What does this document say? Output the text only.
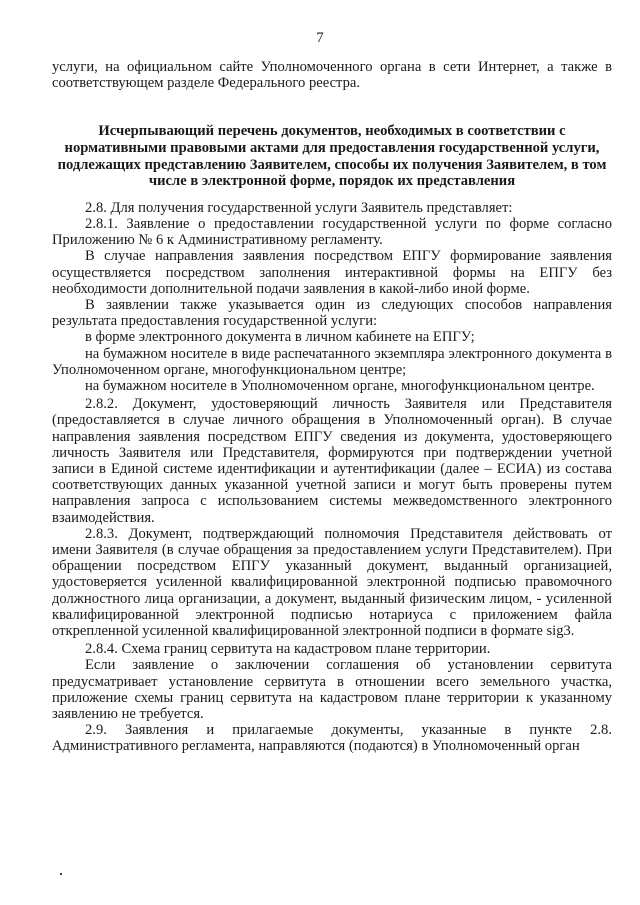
7

услуги, на официальном сайте Уполномоченного органа в сети Интернет, а также в соответствующем разделе Федерального реестра.

Исчерпывающий перечень документов, необходимых в соответствии с нормативными правовыми актами для предоставления государственной услуги, подлежащих представлению Заявителем, способы их получения Заявителем, в том числе в электронной форме, порядок их представления

2.8. Для получения государственной услуги Заявитель представляет:

2.8.1. Заявление о предоставлении государственной услуги по форме согласно Приложению № 6 к Административному регламенту.

В случае направления заявления посредством ЕПГУ формирование заявления осуществляется посредством заполнения интерактивной формы на ЕПГУ без необходимости дополнительной подачи заявления в какой-либо иной форме.

В заявлении также указывается один из следующих способов направления результата предоставления государственной услуги:

в форме электронного документа в личном кабинете на ЕПГУ;

на бумажном носителе в виде распечатанного экземпляра электронного документа в Уполномоченном органе, многофункциональном центре;

на бумажном носителе в Уполномоченном органе, многофункциональном центре.

2.8.2. Документ, удостоверяющий личность Заявителя или Представителя (предоставляется в случае личного обращения в Уполномоченный орган). В случае направления заявления посредством ЕПГУ сведения из документа, удостоверяющего личность Заявителя или Представителя, формируются при подтверждении учетной записи в Единой системе идентификации и аутентификации (далее – ЕСИА) из состава соответствующих данных указанной учетной записи и могут быть проверены путем направления запроса с использованием системы межведомственного электронного взаимодействия.

2.8.3. Документ, подтверждающий полномочия Представителя действовать от имени Заявителя (в случае обращения за предоставлением услуги Представителем). При обращении посредством ЕПГУ указанный документ, выданный организацией, удостоверяется усиленной квалифицированной электронной подписью правомочного должностного лица организации, а документ, выданный физическим лицом, - усиленной квалифицированной электронной подписью нотариуса с приложением файла открепленной усиленной квалифицированной электронной подписи в формате sig3.

2.8.4. Схема границ сервитута на кадастровом плане территории.

Если заявление о заключении соглашения об установлении сервитута предусматривает установление сервитута в отношении всего земельного участка, приложение схемы границ сервитута на кадастровом плане территории к указанному заявлению не требуется.

2.9. Заявления и прилагаемые документы, указанные в пункте 2.8. Административного регламента, направляются (подаются) в Уполномоченный орган
